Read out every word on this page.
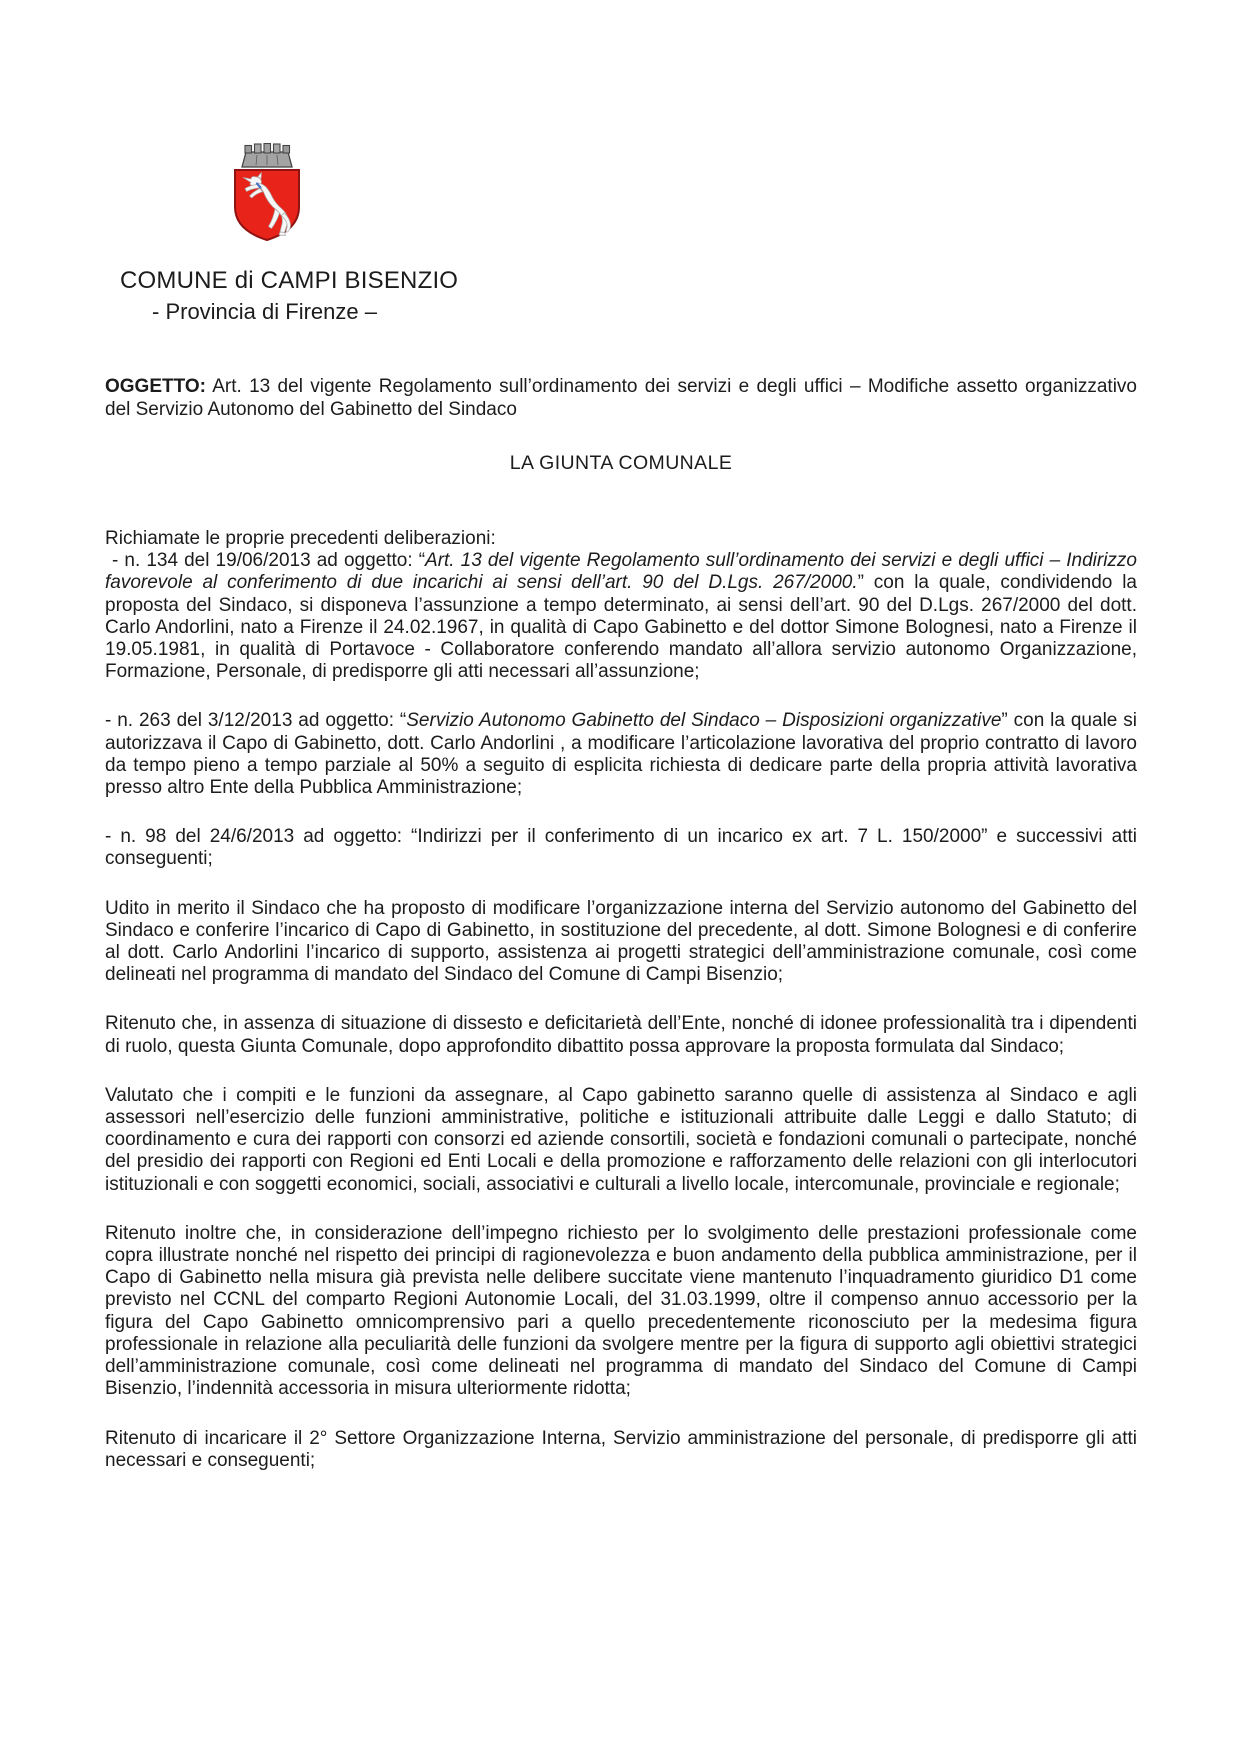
COMUNE di CAMPI BISENZIO
- Provincia di Firenze –

OGGETTO: Art. 13 del vigente Regolamento sull’ordinamento dei servizi e degli uffici – Modifiche assetto organizzativo del Servizio Autonomo del Gabinetto del Sindaco

LA GIUNTA COMUNALE

Richiamate le proprie precedenti deliberazioni:

- n. 134 del 19/06/2013 ad oggetto: “Art. 13 del vigente Regolamento sull’ordinamento dei servizi e degli uffici – Indirizzo favorevole al conferimento di due incarichi ai sensi dell’art. 90 del D.Lgs. 267/2000.” con la quale, condividendo la proposta del Sindaco, si disponeva l’assunzione a tempo determinato, ai sensi dell’art. 90 del D.Lgs. 267/2000 del dott. Carlo Andorlini, nato a Firenze il 24.02.1967, in qualità di Capo Gabinetto e del dottor Simone Bolognesi, nato a Firenze il 19.05.1981, in qualità di Portavoce - Collaboratore conferendo mandato all’allora servizio autonomo Organizzazione, Formazione, Personale, di predisporre gli atti necessari all’assunzione;

- n. 263 del 3/12/2013 ad oggetto: “Servizio Autonomo Gabinetto del Sindaco – Disposizioni organizzative” con la quale si autorizzava il Capo di Gabinetto, dott. Carlo Andorlini , a modificare l’articolazione lavorativa del proprio contratto di lavoro da tempo pieno a tempo parziale al 50% a seguito di esplicita richiesta di dedicare parte della propria attività lavorativa presso altro Ente della Pubblica Amministrazione;

- n. 98 del 24/6/2013 ad oggetto: “Indirizzi per il conferimento di un incarico ex art. 7 L. 150/2000” e successivi atti conseguenti;

Udito in merito il Sindaco che ha proposto di modificare l’organizzazione interna del Servizio autonomo del Gabinetto del Sindaco e conferire l’incarico di Capo di Gabinetto, in sostituzione del precedente, al dott. Simone Bolognesi e di conferire al dott. Carlo Andorlini l’incarico di supporto, assistenza ai progetti strategici dell’amministrazione comunale, così come delineati nel programma di mandato del Sindaco del Comune di Campi Bisenzio;

Ritenuto che, in assenza di situazione di dissesto e deficitarietà dell’Ente, nonché di idonee professionalità tra i dipendenti di ruolo, questa Giunta Comunale, dopo approfondito dibattito possa approvare la proposta formulata dal Sindaco;

Valutato che i compiti e le funzioni da assegnare, al Capo gabinetto saranno quelle di assistenza al Sindaco e agli assessori nell’esercizio delle funzioni amministrative, politiche e istituzionali attribuite dalle Leggi e dallo Statuto; di coordinamento e cura dei rapporti con consorzi ed aziende consortili, società e fondazioni comunali o partecipate, nonché del presidio dei rapporti con Regioni ed Enti Locali e della promozione e rafforzamento delle relazioni con gli interlocutori istituzionali e con soggetti economici, sociali, associativi e culturali a livello locale, intercomunale, provinciale e regionale;

Ritenuto inoltre che, in considerazione dell’impegno richiesto per lo svolgimento delle prestazioni professionale come copra illustrate nonché nel rispetto dei principi di ragionevolezza e buon andamento della pubblica amministrazione, per il Capo di Gabinetto nella misura già prevista nelle delibere succitate viene mantenuto l’inquadramento giuridico D1 come previsto nel CCNL del comparto Regioni Autonomie Locali, del 31.03.1999, oltre il compenso annuo accessorio per la figura del Capo Gabinetto omnicomprensivo pari a quello precedentemente riconosciuto per la medesima figura professionale in relazione alla peculiarità delle funzioni da svolgere mentre per la figura di supporto agli obiettivi strategici dell’amministrazione comunale, così come delineati nel programma di mandato del Sindaco del Comune di Campi Bisenzio, l’indennità accessoria in misura ulteriormente ridotta;

Ritenuto di incaricare il 2° Settore Organizzazione Interna, Servizio amministrazione del personale, di predisporre gli atti necessari e conseguenti;
